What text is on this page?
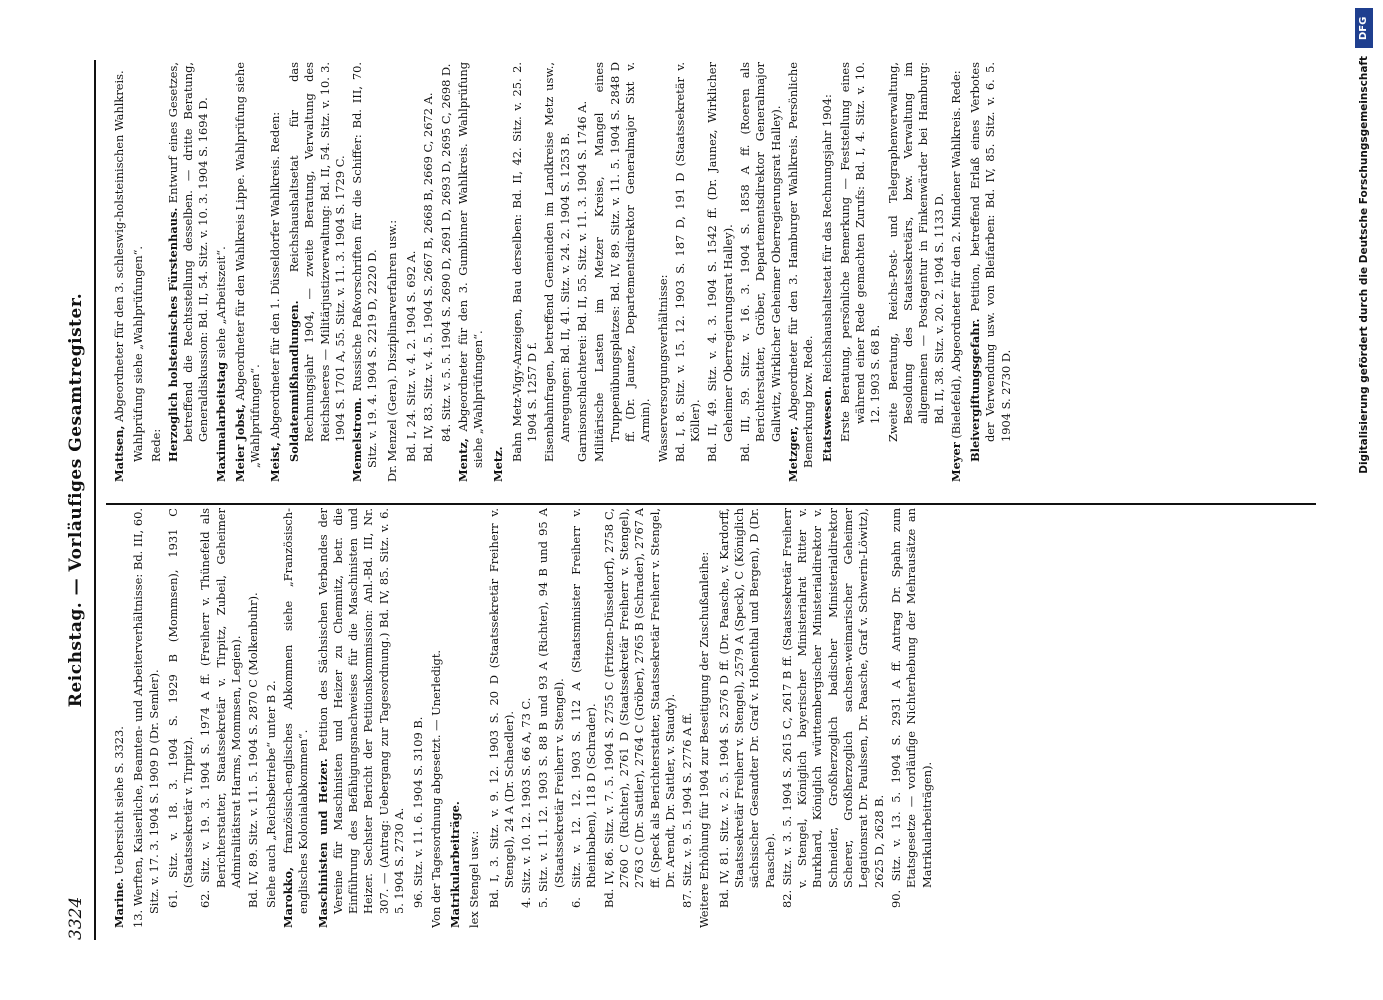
3324
Reichstag. — Vorläufiges Gesamtregister.

Marine. Uebersicht siehe S. 3323. 13. Werften, Kaiserliche, Beamten- und Arbeiterverhältnisse: Bd. III, 60. Sitz. v. 17. 3. 1904 S. 1909 D (Dr. Semler). 61. Sitz. v. 18. 3. 1904 S. 1929 B (Mommsen), 1931 C (Staatssekretär v. Tirpitz). 62. Sitz. v. 19. 3. 1904 S. 1974 A ff. (Freiherr v. Thünefeld als Berichterstatter, Staatssekretär v. Tirpitz, Zubeil, Geheimer Admiralitätsrat Harms, Mommsen, Legien). Bd. IV, 89. Sitz. v. 11. 5. 1904 S. 2870 C (Molkenbuhr). Siehe auch „Reichsbetriebe“ unter B 2. Marokko, französisch-englisches Abkommen siehe „Französisch-englisches Kolonialabkommen“. Maschinisten und Heizer. Petition des Sächsischen Verbandes der Vereine für Maschinisten und Heizer zu Chemnitz, betr. die Einführung des Befähigungsnachweises für die Maschinisten und Heizer. Sechster Bericht der Petitionskommission: Anl.-Bd. III, Nr. 307. — (Antrag: Uebergang zur Tagesordnung.) Bd. IV, 85. Sitz. v. 6. 5. 1904 S. 2730 A. 96. Sitz. v. 11. 6. 1904 S. 3109 B. Von der Tagesordnung abgesetzt. — Unerledigt. Matrikularbeiträge. lex Stengel usw.: Bd. I, 3. Sitz. v. 9. 12. 1903 S. 20 D (Staatssekretär Freiherr v. Stengel), 24 A (Dr. Schaedler). 4. Sitz. v. 10. 12. 1903 S. 66 A, 73 C. 5. Sitz. v. 11. 12. 1903 S. 88 B und 93 A (Richter), 94 B und 95 A (Staatssekretär Freiherr v. Stengel). 6. Sitz. v. 12. 12. 1903 S. 112 A (Staatsminister Freiherr v. Rheinbaben), 118 D (Schrader). Bd. IV, 86. Sitz. v. 7. 5. 1904 S. 2755 C (Fritzen-Düsseldorf), 2758 C, 2760 C (Richter), 2761 D (Staatssekretär Freiherr v. Stengel), 2763 C (Dr. Sattler), 2764 C (Gröber), 2765 B (Schrader), 2767 A ff. (Speck als Berichterstatter, Staatssekretär Freiherr v. Stengel, Dr. Arendt, Dr. Sattler, v. Staudy). 87. Sitz. v. 9. 5. 1904 S. 2776 A ff. Weitere Erhöhung für 1904 zur Beseitigung der Zuschußanleihe: Bd. IV, 81. Sitz. v. 2. 5. 1904 S. 2576 D ff. (Dr. Paasche, v. Kardorff, Staatssekretär Freiherr v. Stengel), 2579 A (Speck), C (Königlich sächsischer Gesandter Dr. Graf v. Hohenthal und Bergen), D (Dr. Paasche). 82. Sitz. v. 3. 5. 1904 S. 2615 C, 2617 B ff. (Staatssekretär Freiherr v. Stengel, Königlich bayerischer Ministerialrat Ritter v. Burkhard, Königlich württembergischer Ministerialdirektor v. Schneider, Großherzoglich badischer Ministerialdirektor Scherer, Großherzoglich sachsen-weimarischer Geheimer Legationsrat Dr. Paulssen, Dr. Paasche, Graf v. Schwerin-Löwitz), 2625 D, 2628 B. 90. Sitz. v. 13. 5. 1904 S. 2931 A ff. Antrag Dr. Spahn zum Etatsgesetze — vorläufige Nichterhebung der Mehrausätze an Matrikularbeiträgen).

Mattsen, Abgeordneter für den 3. schleswig-holsteinischen Wahlkreis. Wahlprüfung siehe „Wahlprüfungen“. Rede: Herzoglich holsteinisches Fürstenhaus. Entwurf eines Gesetzes, betreffend die Rechtsstellung desselben. — dritte Beratung, Generaldiskussion: Bd. II, 54. Sitz. v. 10. 3. 1904 S. 1694 D. Maximalarbeitstag siehe „Arbeitszeit“.

Meier Jobst, Abgeordneter für den Wahlkreis Lippe. Wahlprüfung siehe „Wahlprüfungen“. Meist, Abgeordneter für den 1. Düsseldorfer Wahlkreis. Reden: Soldatenmißhandlungen. Reichshaushaltsetat für das Rechnungsjahr 1904, — zweite Beratung, Verwaltung des Reichsheeres — Militärjustizverwaltung: Bd. II, 54. Sitz. v. 10. 3. 1904 S. 1701 A, 55. Sitz. v. 11. 3. 1904 S. 1729 C. Memelstrom. Russische Paßvorschriften für die Schiffer: Bd. III, 70. Sitz. v. 19. 4. 1904 S. 2219 D, 2220 D. Dr. Menzel (Gera). Disziplinarverfahren usw.: Bd. I, 24. Sitz. v. 4. 2. 1904 S. 692 A. Bd. IV, 83. Sitz. v. 4. 5. 1904 S. 2667 B, 2668 B, 2669 C, 2672 A. 84. Sitz. v. 5. 5. 1904 S. 2690 D, 2691 D, 2693 D, 2695 C, 2698 D.

Mentz, Abgeordneter für den 3. Gumbinner Wahlkreis. Wahlprüfung siehe „Wahlprüfungen“. Metz.

Bahn Metz-Vigy-Anzeigen, Bau derselben: Bd. II, 42. Sitz. v. 25. 2. 1904 S. 1257 D f. Eisenbahnfragen, betreffend Gemeinden im Landkreise Metz usw., Anregungen: Bd. II, 41. Sitz. v. 24. 2. 1904 S. 1253 B. Garnisonschlachterei: Bd. II, 55. Sitz. v. 11. 3. 1904 S. 1746 A. Militärische Lasten im Metzer Kreise, Mangel eines Truppenübungsplatzes: Bd. IV, 89. Sitz. v. 11. 5. 1904 S. 2848 D ff. (Dr. Jaunez, Departementsdirektor Generalmajor Sixt v. Armin). Wasserversorgungsverhältnisse: Bd. I, 8. Sitz. v. 15. 12. 1903 S. 187 D, 191 D (Staatssekretär v. Köller). Bd. II, 49. Sitz. v. 4. 3. 1904 S. 1542 ff. (Dr. Jaunez, Wirklicher Geheimer Oberregierungsrat Halley). Bd. III, 59. Sitz. v. 16. 3. 1904 S. 1858 A ff. (Roeren als Berichterstatter, Gröber, Departementsdirektor Generalmajor Gallwitz, Wirklicher Geheimer Oberregierungsrat Halley).

Metzger, Abgeordneter für den 3. Hamburger Wahlkreis. Persönliche Bemerkung bzw. Rede. Etatswesen. Reichshaushaltsetat für das Rechnungsjahr 1904: Erste Beratung, persönliche Bemerkung — Feststellung eines während einer Rede gemachten Zurufs: Bd. I, 4. Sitz. v. 10. 12. 1903 S. 68 B. Zweite Beratung, Reichs-Post- und Telegraphenverwaltung, Besoldung des Staatssekretärs, bzw. Verwaltung im allgemeinen — Postagentur in Finkenwärder bei Hamburg: Bd. II, 38. Sitz. v. 20. 2. 1904 S. 1133 D.

Meyer (Bielefeld), Abgeordneter für den 2. Mindener Wahlkreis. Rede: Bleivergiftungsgefahr. Petition, betreffend Erlaß eines Verbotes der Verwendung usw. von Bleifarben: Bd. IV, 85. Sitz. v. 6. 5. 1904 S. 2730 D.

DFG
Digitalisierung gefördert durch die Deutsche Forschungsgemeinschaft
